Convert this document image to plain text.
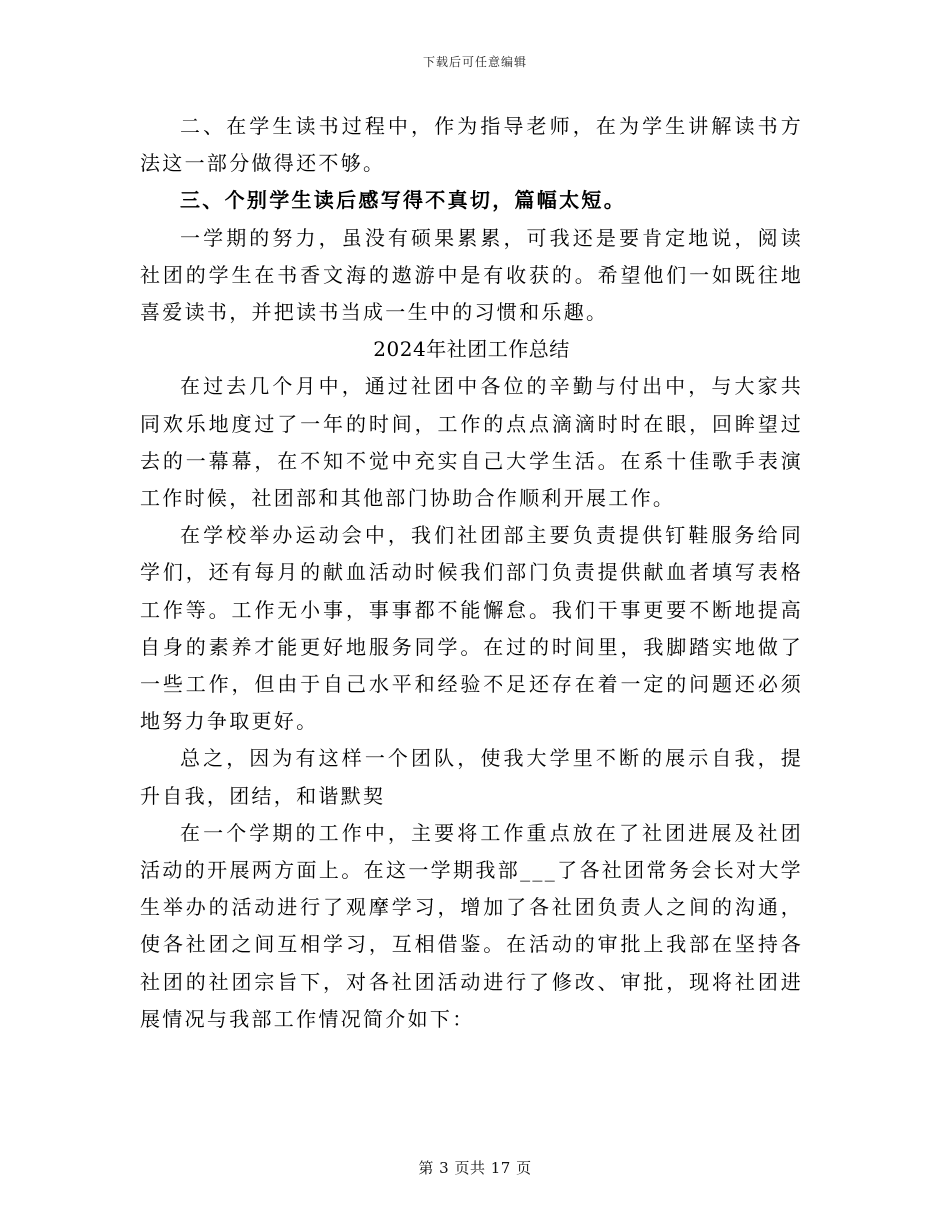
下载后可任意编辑

二、在学生读书过程中，作为指导老师，在为学生讲解读书方法这一部分做得还不够。

三、个别学生读后感写得不真切，篇幅太短。

一学期的努力，虽没有硕果累累，可我还是要肯定地说，阅读社团的学生在书香文海的遨游中是有收获的。希望他们一如既往地喜爱读书，并把读书当成一生中的习惯和乐趣。

2024年社团工作总结

在过去几个月中，通过社团中各位的辛勤与付出中，与大家共同欢乐地度过了一年的时间，工作的点点滴滴时时在眼，回眸望过去的一幕幕，在不知不觉中充实自己大学生活。在系十佳歌手表演工作时候，社团部和其他部门协助合作顺利开展工作。

在学校举办运动会中，我们社团部主要负责提供钉鞋服务给同学们，还有每月的献血活动时候我们部门负责提供献血者填写表格工作等。工作无小事，事事都不能懈怠。我们干事更要不断地提高自身的素养才能更好地服务同学。在过的时间里，我脚踏实地做了一些工作，但由于自己水平和经验不足还存在着一定的问题还必须地努力争取更好。

总之，因为有这样一个团队，使我大学里不断的展示自我，提升自我，团结，和谐默契

在一个学期的工作中，主要将工作重点放在了社团进展及社团活动的开展两方面上。在这一学期我部___了各社团常务会长对大学生举办的活动进行了观摩学习，增加了各社团负责人之间的沟通，使各社团之间互相学习，互相借鉴。在活动的审批上我部在坚持各社团的社团宗旨下，对各社团活动进行了修改、审批，现将社团进展情况与我部工作情况简介如下：

第 3 页共 17 页
